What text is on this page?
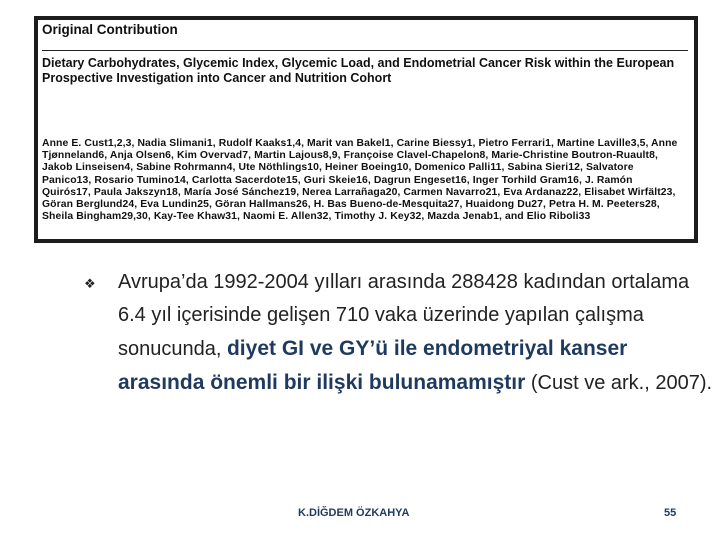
Original Contribution
Dietary Carbohydrates, Glycemic Index, Glycemic Load, and Endometrial Cancer Risk within the European Prospective Investigation into Cancer and Nutrition Cohort
Anne E. Cust1,2,3, Nadia Slimani1, Rudolf Kaaks1,4, Marit van Bakel1, Carine Biessy1, Pietro Ferrari1, Martine Laville3,5, Anne Tjønneland6, Anja Olsen6, Kim Overvad7, Martin Lajous8,9, Françoise Clavel-Chapelon8, Marie-Christine Boutron-Ruault8, Jakob Linseisen4, Sabine Rohrmann4, Ute Nöthlings10, Heiner Boeing10, Domenico Palli11, Sabina Sieri12, Salvatore Panico13, Rosario Tumino14, Carlotta Sacerdote15, Guri Skeie16, Dagrun Engeset16, Inger Torhild Gram16, J. Ramón Quirós17, Paula Jakszyn18, María José Sánchez19, Nerea Larrañaga20, Carmen Navarro21, Eva Ardanaz22, Elisabet Wirfält23, Göran Berglund24, Eva Lundin25, Göran Hallmans26, H. Bas Bueno-de-Mesquita27, Huaidong Du27, Petra H. M. Peeters28, Sheila Bingham29,30, Kay-Tee Khaw31, Naomi E. Allen32, Timothy J. Key32, Mazda Jenab1, and Elio Riboli33
❖ Avrupa’da 1992-2004 yılları arasında 288428 kadından ortalama 6.4 yıl içerisinde gelişen 710 vaka üzerinde yapılan çalışma sonucunda, diyet GI ve GY’ü ile endometriyal kanser arasında önemli bir ilişki bulunamamıştır (Cust ve ark., 2007).
K.DİĞDEM ÖZKAHYA	55
